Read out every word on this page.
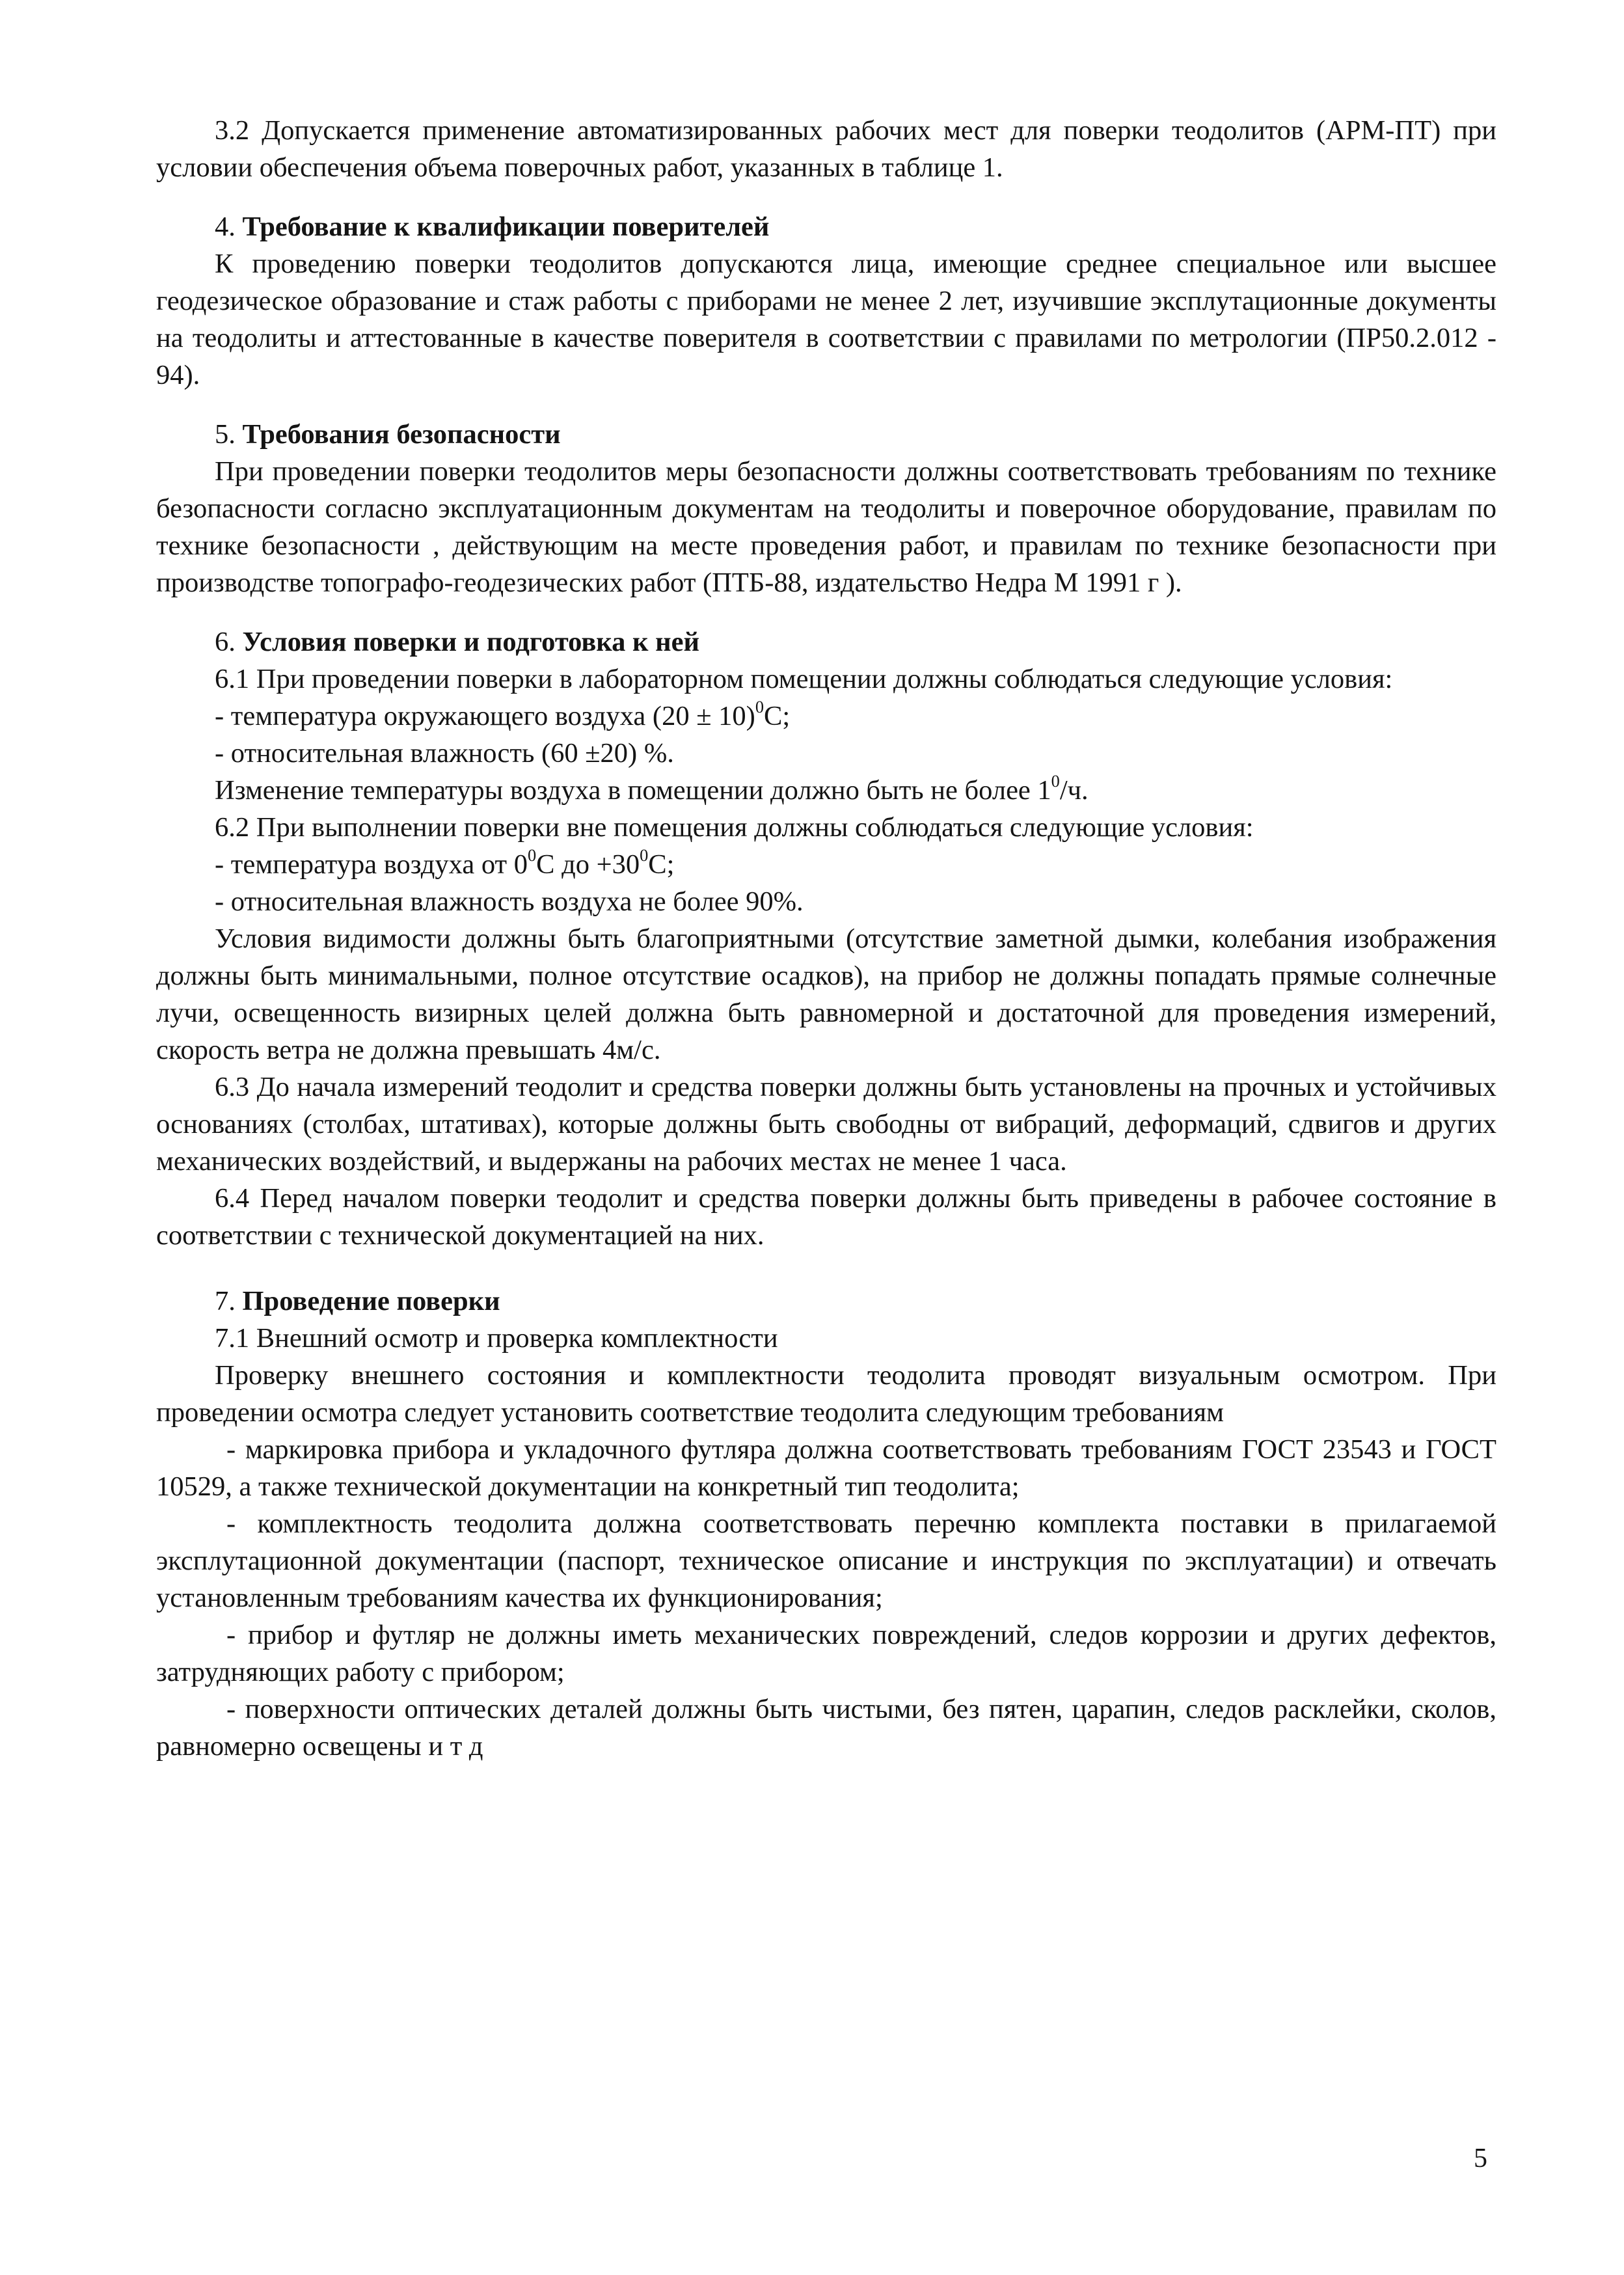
3.2 Допускается применение автоматизированных рабочих мест для поверки теодолитов (АРМ-ПТ) при условии обеспечения объема поверочных работ, указанных в таблице 1.

4. Требование к квалификации поверителей

К проведению поверки теодолитов допускаются лица, имеющие среднее специальное или высшее геодезическое образование и стаж работы с приборами не менее 2 лет, изучившие эксплутационные документы на теодолиты и аттестованные в качестве поверителя в соответствии с правилами по метрологии (ПР50.2.012 - 94).

5. Требования безопасности

При проведении поверки теодолитов меры безопасности должны соответствовать требованиям по технике безопасности согласно эксплуатационным документам на теодолиты и поверочное оборудование, правилам по технике безопасности , действующим на месте проведения работ, и правилам по технике безопасности при производстве топографо-геодезических работ (ПТБ-88, издательство Недра М 1991 г ).

6. Условия поверки и подготовка к ней

6.1 При проведении поверки в лабораторном помещении должны соблюдаться следующие условия:

- температура окружающего воздуха $(20 \pm 10)^0С$;

- относительная влажность (60 ±20) %.

Изменение температуры воздуха в помещении должно быть не более $1^0/ч$.

6.2 При выполнении поверки вне помещения должны соблюдаться следующие условия:

- температура воздуха от $0^0С$ до $+30^0С$;

- относительная влажность воздуха не более 90%.

Условия видимости должны быть благоприятными (отсутствие заметной дымки, колебания изображения должны быть минимальными, полное отсутствие осадков), на прибор не должны попадать прямые солнечные лучи, освещенность визирных целей должна быть равномерной и достаточной для проведения измерений, скорость ветра не должна превышать 4м/с.

6.3 До начала измерений теодолит и средства поверки должны быть установлены на прочных и устойчивых основаниях (столбах, штативах), которые должны быть свободны от вибраций, деформаций, сдвигов и других механических воздействий, и выдержаны на рабочих местах не менее 1 часа.

6.4 Перед началом поверки теодолит и средства поверки должны быть приведены в рабочее состояние в соответствии с технической документацией на них.

7. Проведение поверки

7.1 Внешний осмотр и проверка комплектности

Проверку внешнего состояния и комплектности теодолита проводят визуальным осмотром. При проведении осмотра следует установить соответствие теодолита следующим требованиям

- маркировка прибора и укладочного футляра должна соответствовать требованиям ГОСТ 23543 и ГОСТ 10529, а также технической документации на конкретный тип теодолита;

- комплектность теодолита должна соответствовать перечню комплекта поставки в прилагаемой эксплутационной документации (паспорт, техническое описание и инструкция по эксплуатации) и отвечать установленным требованиям качества их функционирования;

- прибор и футляр не должны иметь механических повреждений, следов коррозии и других дефектов, затрудняющих работу с прибором;

- поверхности оптических деталей должны быть чистыми, без пятен, царапин, следов расклейки, сколов, равномерно освещены и т д

5
